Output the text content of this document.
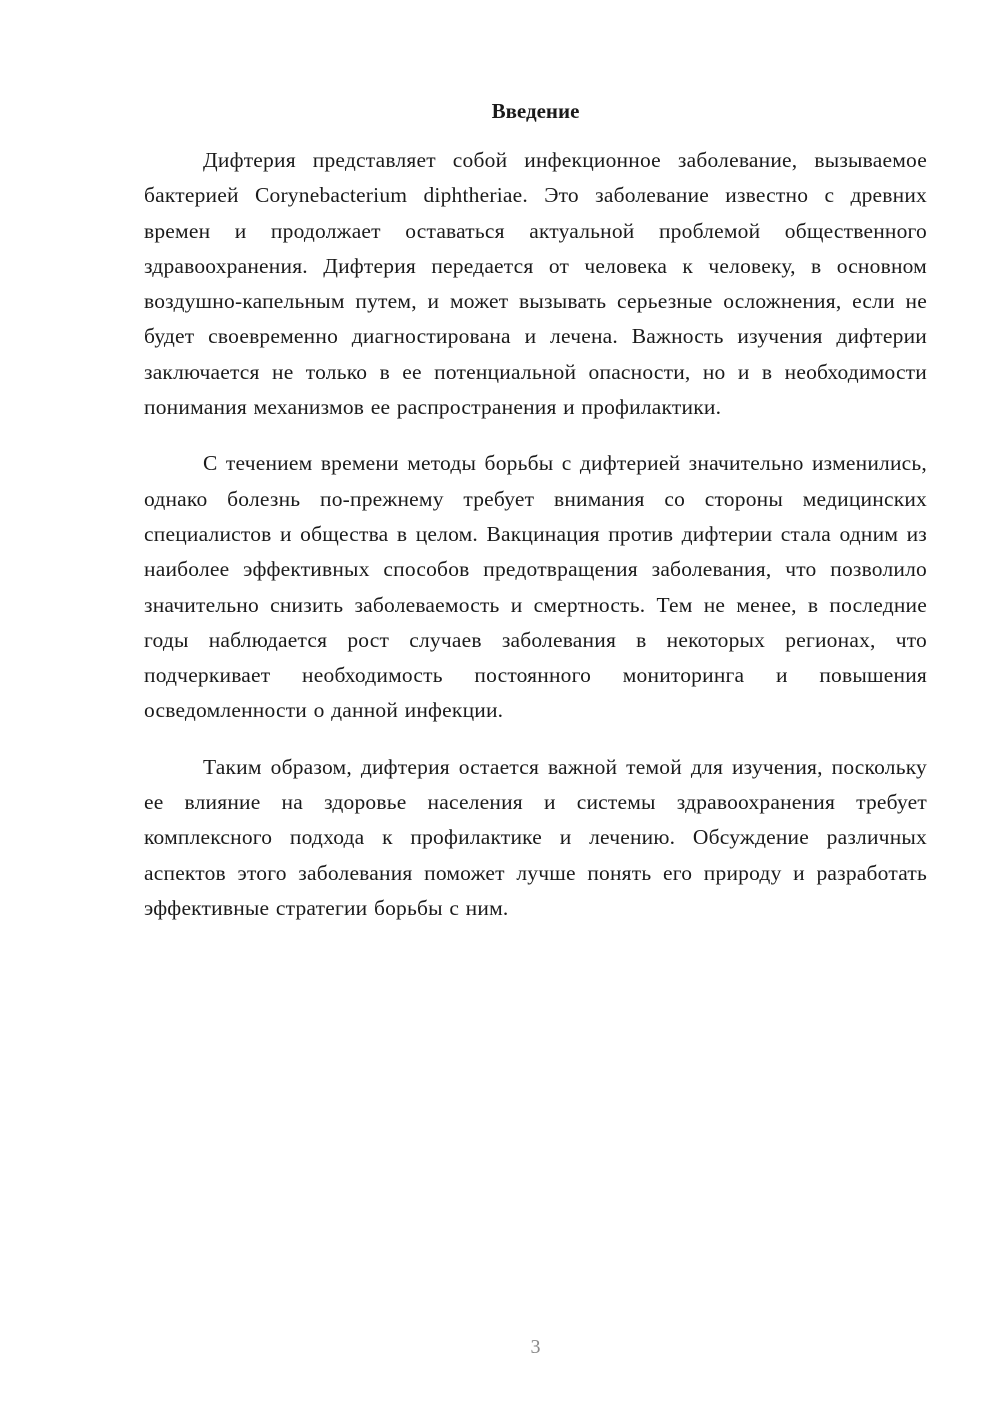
Введение

Дифтерия представляет собой инфекционное заболевание, вызываемое бактерией Corynebacterium diphtheriae. Это заболевание известно с древних времен и продолжает оставаться актуальной проблемой общественного здравоохранения. Дифтерия передается от человека к человеку, в основном воздушно-капельным путем, и может вызывать серьезные осложнения, если не будет своевременно диагностирована и лечена. Важность изучения дифтерии заключается не только в ее потенциальной опасности, но и в необходимости понимания механизмов ее распространения и профилактики.

С течением времени методы борьбы с дифтерией значительно изменились, однако болезнь по-прежнему требует внимания со стороны медицинских специалистов и общества в целом. Вакцинация против дифтерии стала одним из наиболее эффективных способов предотвращения заболевания, что позволило значительно снизить заболеваемость и смертность. Тем не менее, в последние годы наблюдается рост случаев заболевания в некоторых регионах, что подчеркивает необходимость постоянного мониторинга и повышения осведомленности о данной инфекции.

Таким образом, дифтерия остается важной темой для изучения, поскольку ее влияние на здоровье населения и системы здравоохранения требует комплексного подхода к профилактике и лечению. Обсуждение различных аспектов этого заболевания поможет лучше понять его природу и разработать эффективные стратегии борьбы с ним.

3
